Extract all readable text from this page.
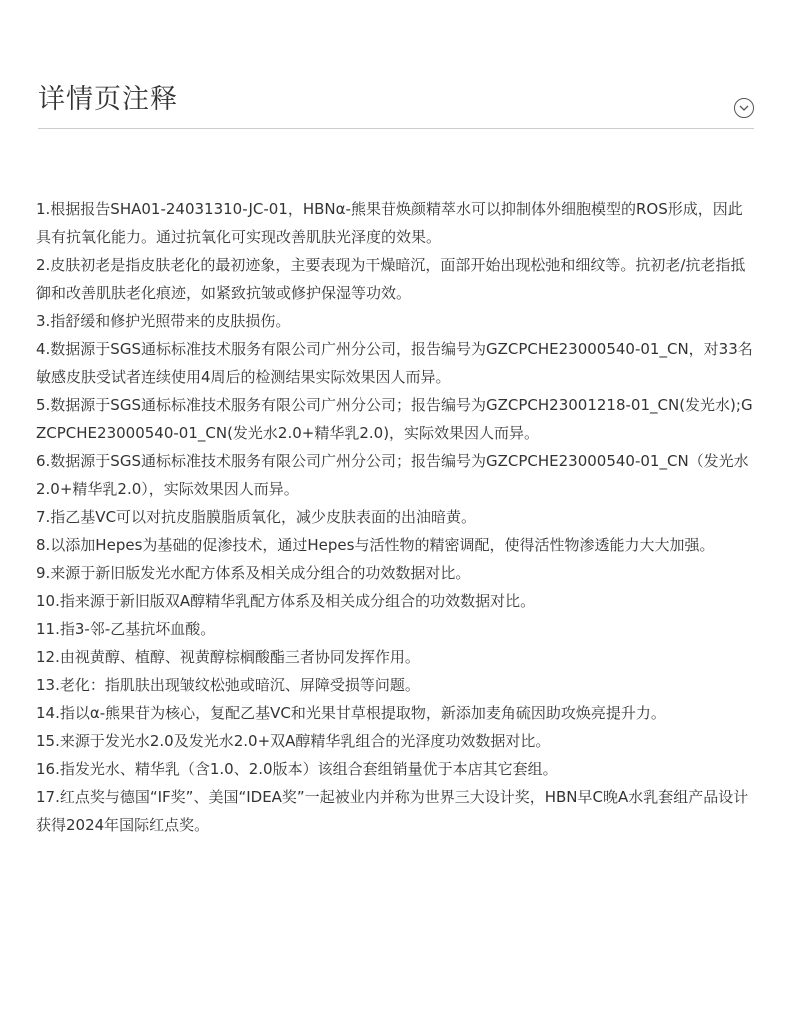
详情页注释
1.根据报告SHA01-24031310-JC-01，HBNα-熊果苷焕颜精萃水可以抑制体外细胞模型的ROS形成，因此具有抗氧化能力。通过抗氧化可实现改善肌肤光泽度的效果。
2.皮肤初老是指皮肤老化的最初迹象，主要表现为干燥暗沉，面部开始出现松弛和细纹等。抗初老/抗老指抵御和改善肌肤老化痕迹，如紧致抗皱或修护保湿等功效。
3.指舒缓和修护光照带来的皮肤损伤。
4.数据源于SGS通标标准技术服务有限公司广州分公司，报告编号为GZCPCHE23000540-01_CN，对33名敏感皮肤受试者连续使用4周后的检测结果实际效果因人而异。
5.数据源于SGS通标标准技术服务有限公司广州分公司；报告编号为GZCPCH23001218-01_CN(发光水);GZCPCHE23000540-01_CN(发光水2.0+精华乳2.0)，实际效果因人而异。
6.数据源于SGS通标标准技术服务有限公司广州分公司；报告编号为GZCPCHE23000540-01_CN（发光水2.0+精华乳2.0），实际效果因人而异。
7.指乙基VC可以对抗皮脂膜脂质氧化，减少皮肤表面的出油暗黄。
8.以添加Hepes为基础的促渗技术，通过Hepes与活性物的精密调配，使得活性物渗透能力大大加强。
9.来源于新旧版发光水配方体系及相关成分组合的功效数据对比。
10.指来源于新旧版双A醇精华乳配方体系及相关成分组合的功效数据对比。
11.指3-邻-乙基抗坏血酸。
12.由视黄醇、植醇、视黄醇棕榈酸酯三者协同发挥作用。
13.老化：指肌肤出现皱纹松弛或暗沉、屏障受损等问题。
14.指以α-熊果苷为核心，复配乙基VC和光果甘草根提取物，新添加麦角硫因助攻焕亮提升力。
15.来源于发光水2.0及发光水2.0+双A醇精华乳组合的光泽度功效数据对比。
16.指发光水、精华乳（含1.0、2.0版本）该组合套组销量优于本店其它套组。
17.红点奖与德国“IF奖”、美国“IDEA奖”一起被业内并称为世界三大设计奖，HBN早C晚A水乳套组产品设计获得2024年国际红点奖。
